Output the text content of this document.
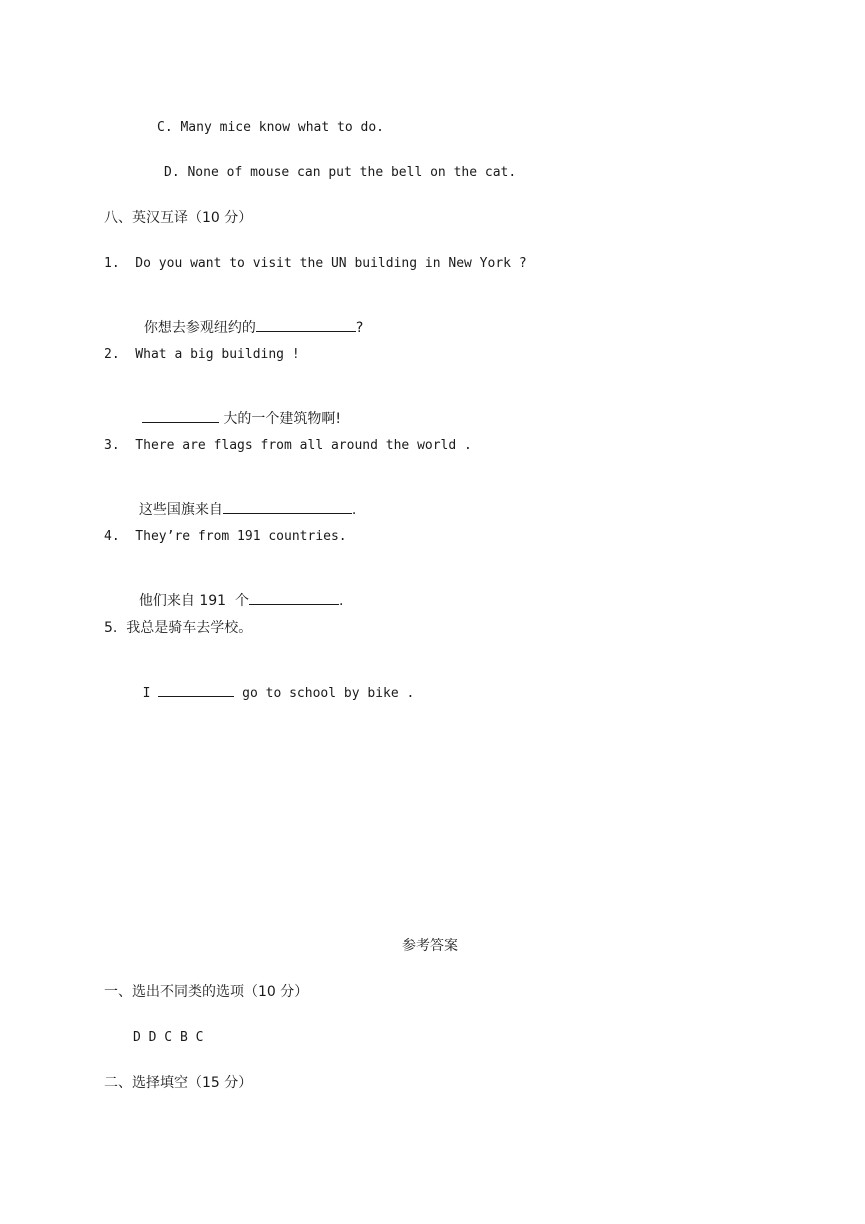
C. Many mice know what to do.
D. None of mouse can put the bell on the cat.
八、英汉互译（10 分）
1.  Do you want to visit the UN building in New York ?

你想去参观纽约的	?

2.  What a big building !

大的一个建筑物啊!

3.  There are flags from all around the world .

这些国旗来自	.

4.  They’re from 191 countries.

他们来自 191  个	.

5.  我总是骑车去学校。

I	go to school by bike .

参考答案
一、选出不同类的选项（10 分）
D D C B C
二、选择填空（15 分）
